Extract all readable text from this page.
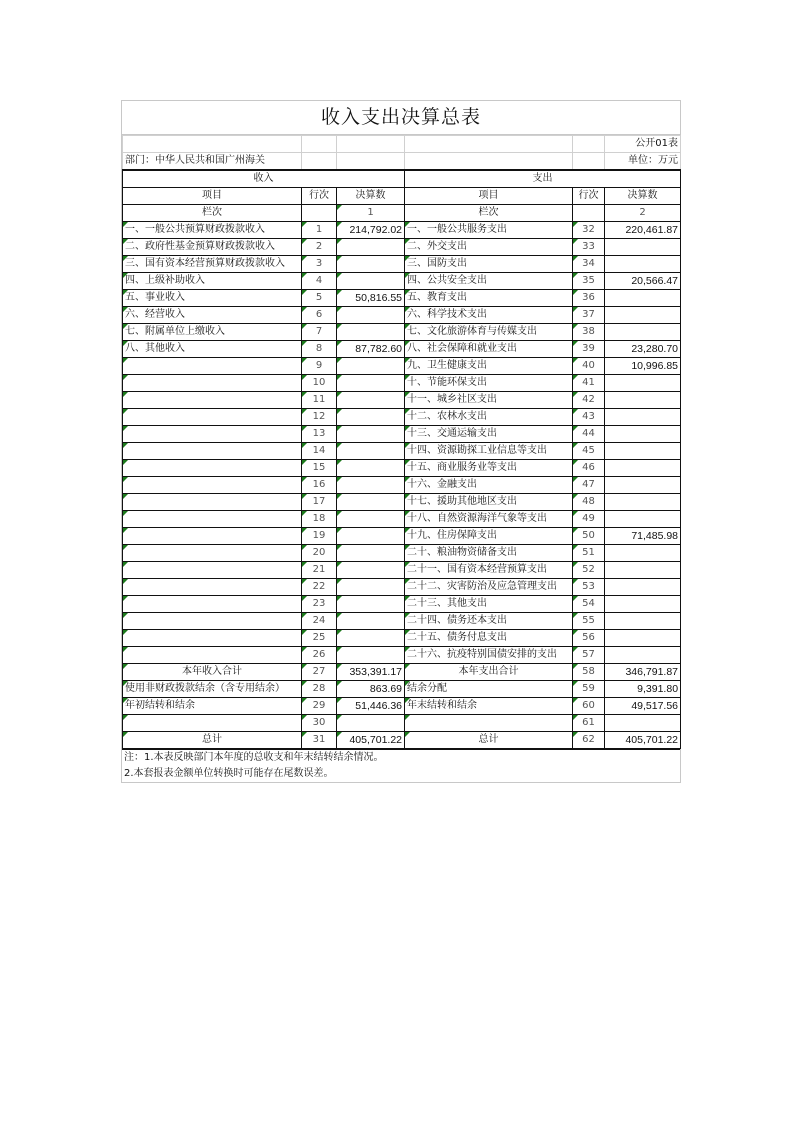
收入支出决算总表
					公开01表
部门：中华人民共和国广州海关					单位：万元
收入			支出		
项目	行次	决算数	项目	行次	决算数
栏次		1	栏次		2
一、一般公共预算财政拨款收入	1	214,792.02	一、一般公共服务支出	32	220,461.87
二、政府性基金预算财政拨款收入	2		二、外交支出	33	
三、国有资本经营预算财政拨款收入	3		三、国防支出	34	
四、上级补助收入	4		四、公共安全支出	35	20,566.47
五、事业收入	5	50,816.55	五、教育支出	36	
六、经营收入	6		六、科学技术支出	37	
七、附属单位上缴收入	7		七、文化旅游体育与传媒支出	38	
八、其他收入	8	87,782.60	八、社会保障和就业支出	39	23,280.70
	9		九、卫生健康支出	40	10,996.85
	10		十、节能环保支出	41	
	11		十一、城乡社区支出	42	
	12		十二、农林水支出	43	
	13		十三、交通运输支出	44	
	14		十四、资源勘探工业信息等支出	45	
	15		十五、商业服务业等支出	46	
	16		十六、金融支出	47	
	17		十七、援助其他地区支出	48	
	18		十八、自然资源海洋气象等支出	49	
	19		十九、住房保障支出	50	71,485.98
	20		二十、粮油物资储备支出	51	
	21		二十一、国有资本经营预算支出	52	
	22		二十二、灾害防治及应急管理支出	53	
	23		二十三、其他支出	54	
	24		二十四、债务还本支出	55	
	25		二十五、债务付息支出	56	
	26		二十六、抗疫特别国债安排的支出	57	
本年收入合计	27	353,391.17	本年支出合计	58	346,791.87
使用非财政拨款结余（含专用结余）	28	863.69	结余分配	59	9,391.80
年初结转和结余	29	51,446.36	年末结转和结余	60	49,517.56
	30			61	
总计	31	405,701.22	总计	62	405,701.22
注：1.本表反映部门本年度的总收支和年末结转结余情况。
2.本套报表金额单位转换时可能存在尾数误差。
